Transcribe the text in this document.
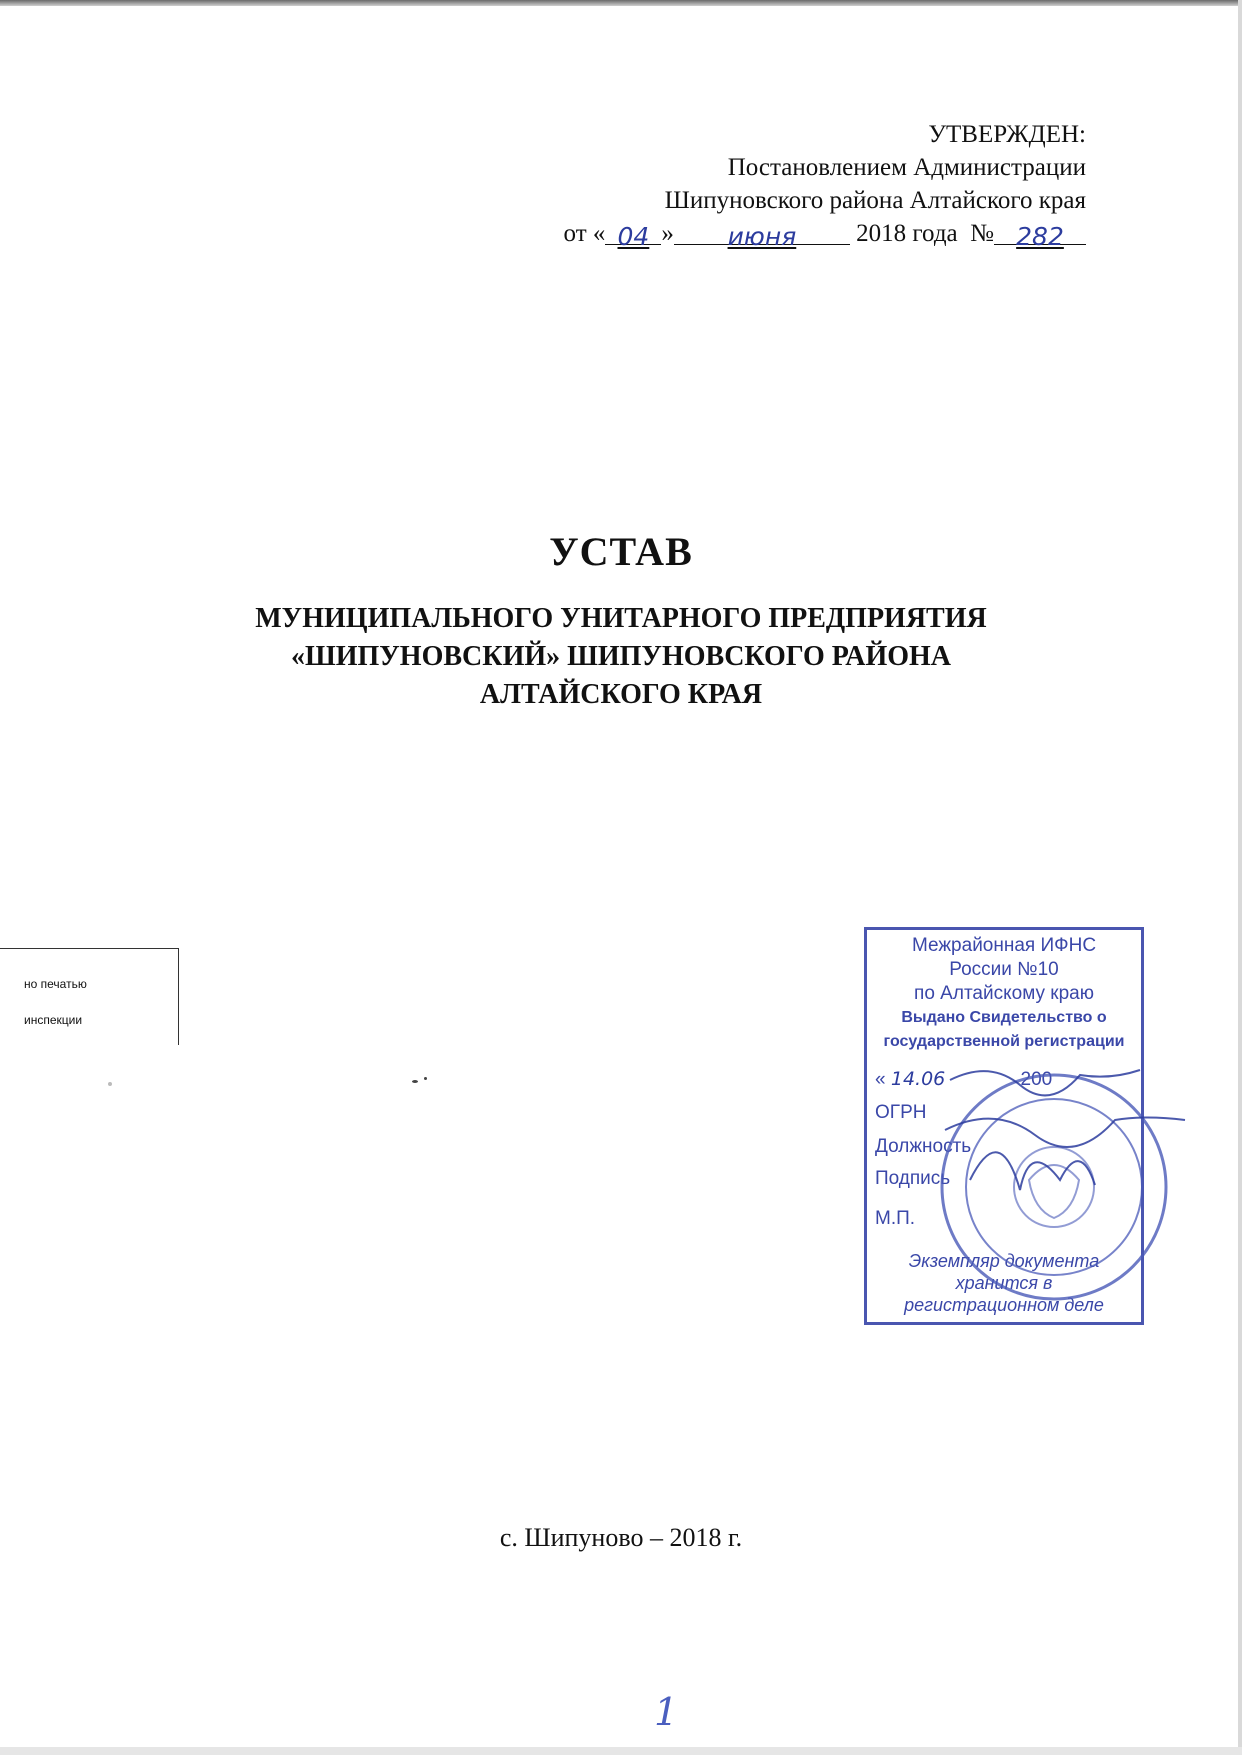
УТВЕРЖДЕН:
Постановлением Администрации
Шипуновского района Алтайского края
от « 04 » июня 2018 года № 282
УСТАВ
МУНИЦИПАЛЬНОГО УНИТАРНОГО ПРЕДПРИЯТИЯ
«ШИПУНОВСКИЙ» ШИПУНОВСКОГО РАЙОНА
АЛТАЙСКОГО КРАЯ
но печатью
инспекции
Межрайонная ИФНС
России №10
по Алтайскому краю
Выдано Свидетельство о
государственной регистрации
« 14.06	200
ОГРН
Должность
Подпись
М.П.
Экземпляр документа
хранится в
регистрационном деле
с. Шипуново – 2018 г.
1
